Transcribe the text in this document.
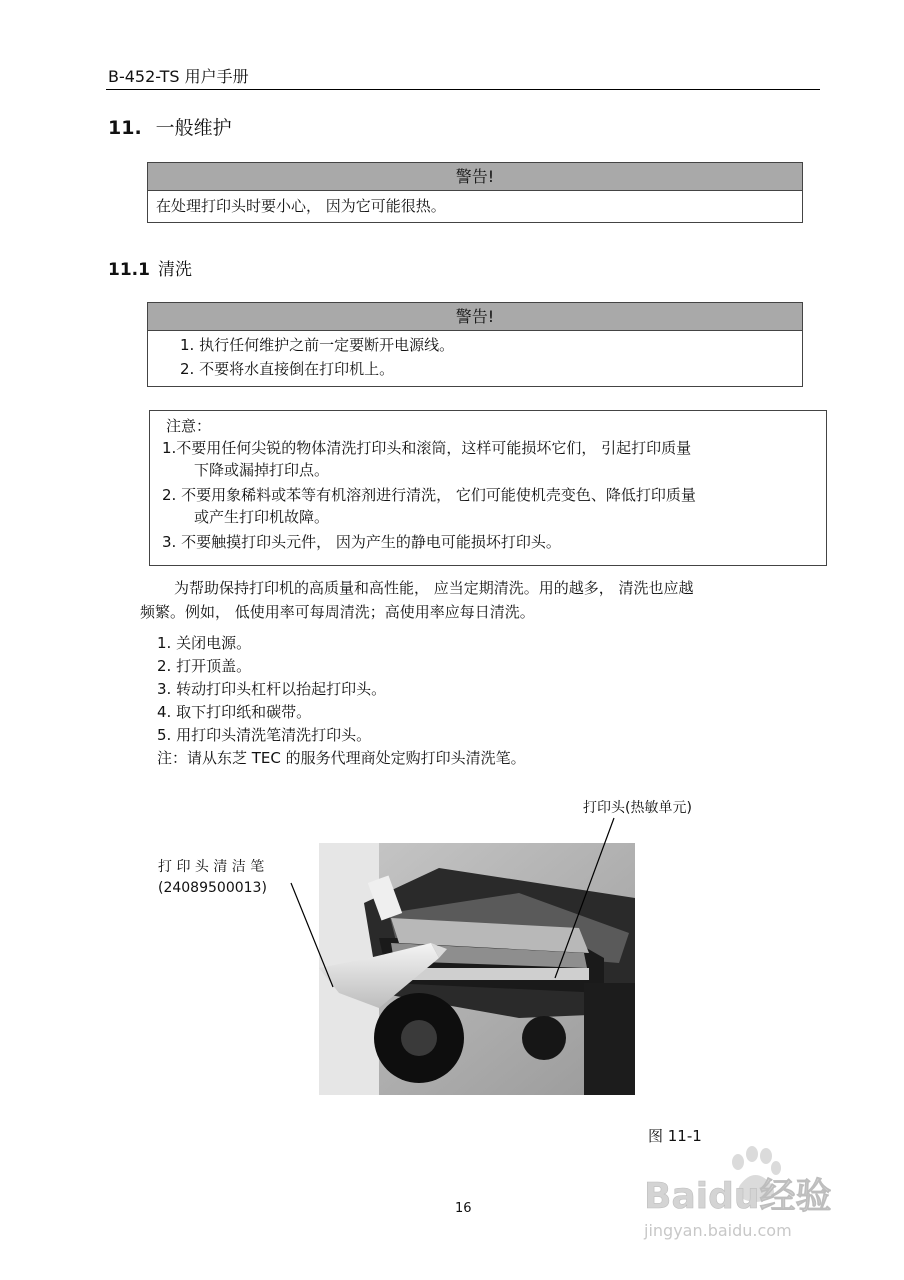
B-452-TS 用户手册
11. 一般维护
警告!
在处理打印头时要小心， 因为它可能很热。
11.1 清洗
警告!
1. 执行任何维护之前一定要断开电源线。
2. 不要将水直接倒在打印机上。
注意：
1.不要用任何尖锐的物体清洗打印头和滚筒，这样可能损坏它们， 引起打印质量
下降或漏掉打印点。
2. 不要用象稀料或苯等有机溶剂进行清洗， 它们可能使机壳变色、降低打印质量
或产生打印机故障。
3. 不要触摸打印头元件， 因为产生的静电可能损坏打印头。
为帮助保持打印机的高质量和高性能， 应当定期清洗。用的越多， 清洗也应越
频繁。例如， 低使用率可每周清洗；高使用率应每日清洗。
1. 关闭电源。
2. 打开顶盖。
3. 转动打印头杠杆以抬起打印头。
4. 取下打印纸和碳带。
5. 用打印头清洗笔清洗打印头。
注：请从东芝 TEC 的服务代理商处定购打印头清洗笔。
打印头(热敏单元)
打 印 头 清 洁 笔
(24089500013)
图 11-1
16	Baidu经验
jingyan.baidu.com
